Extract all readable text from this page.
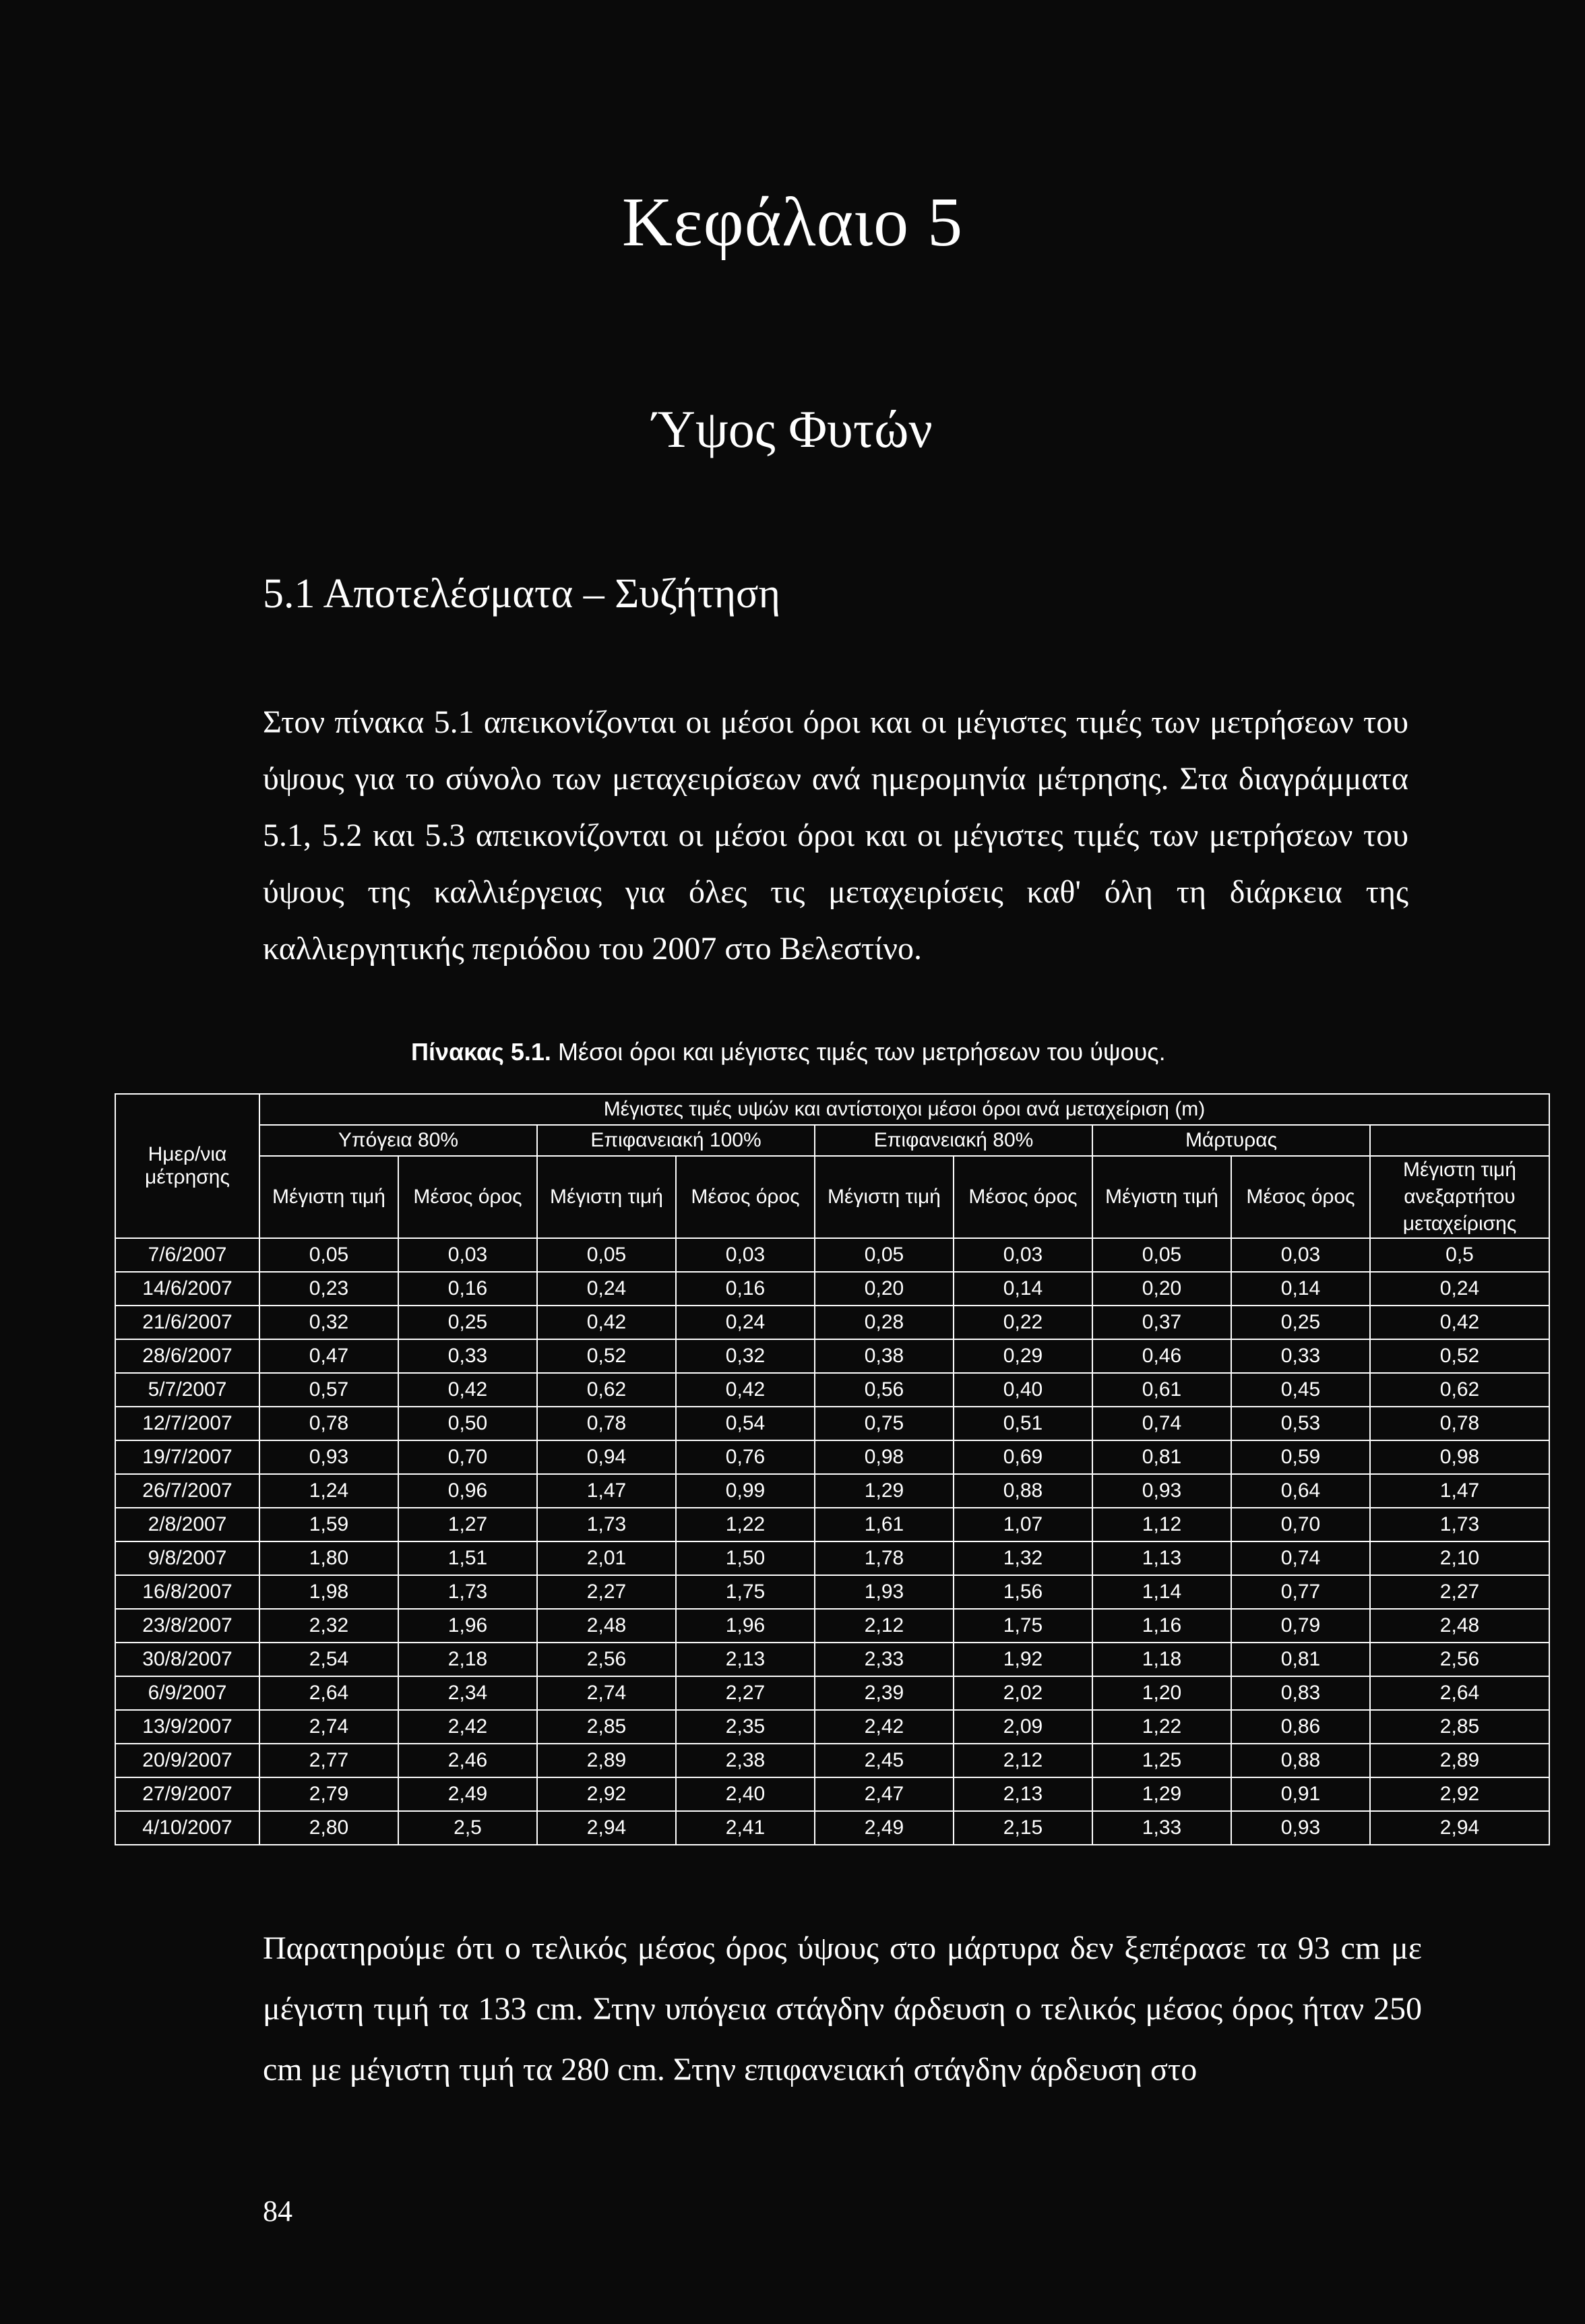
Κεφάλαιο 5
Ύψος Φυτών
5.1 Αποτελέσματα – Συζήτηση
Στον πίνακα 5.1 απεικονίζονται οι μέσοι όροι και οι μέγιστες τιμές των μετρήσεων του ύψους για το σύνολο των μεταχειρίσεων ανά ημερομηνία μέτρησης. Στα διαγράμματα 5.1, 5.2 και 5.3 απεικονίζονται οι μέσοι όροι και οι μέγιστες τιμές των μετρήσεων του ύψους της καλλιέργειας για όλες τις μεταχειρίσεις καθ' όλη τη διάρκεια της καλλιεργητικής περιόδου του 2007 στο Βελεστίνο.
Πίνακας 5.1. Μέσοι όροι και μέγιστες τιμές των μετρήσεων του ύψους.
Ημερ/νια μέτρησης	Μέγιστες τιμές υψών και αντίστοιχοι μέσοι όροι ανά μεταχείριση (m)								
	Υπόγεια 80%		Επιφανειακή 100%		Επιφανειακή 80%		Μάρτυρας		
	Μέγιστη τιμή	Μέσος όρος	Μέγιστη τιμή	Μέσος όρος	Μέγιστη τιμή	Μέσος όρος	Μέγιστη τιμή	Μέσος όρος	Μέγιστη τιμή ανεξαρτήτου μεταχείρισης
7/6/2007	0,05	0,03	0,05	0,03	0,05	0,03	0,05	0,03	0,5
14/6/2007	0,23	0,16	0,24	0,16	0,20	0,14	0,20	0,14	0,24
21/6/2007	0,32	0,25	0,42	0,24	0,28	0,22	0,37	0,25	0,42
28/6/2007	0,47	0,33	0,52	0,32	0,38	0,29	0,46	0,33	0,52
5/7/2007	0,57	0,42	0,62	0,42	0,56	0,40	0,61	0,45	0,62
12/7/2007	0,78	0,50	0,78	0,54	0,75	0,51	0,74	0,53	0,78
19/7/2007	0,93	0,70	0,94	0,76	0,98	0,69	0,81	0,59	0,98
26/7/2007	1,24	0,96	1,47	0,99	1,29	0,88	0,93	0,64	1,47
2/8/2007	1,59	1,27	1,73	1,22	1,61	1,07	1,12	0,70	1,73
9/8/2007	1,80	1,51	2,01	1,50	1,78	1,32	1,13	0,74	2,10
16/8/2007	1,98	1,73	2,27	1,75	1,93	1,56	1,14	0,77	2,27
23/8/2007	2,32	1,96	2,48	1,96	2,12	1,75	1,16	0,79	2,48
30/8/2007	2,54	2,18	2,56	2,13	2,33	1,92	1,18	0,81	2,56
6/9/2007	2,64	2,34	2,74	2,27	2,39	2,02	1,20	0,83	2,64
13/9/2007	2,74	2,42	2,85	2,35	2,42	2,09	1,22	0,86	2,85
20/9/2007	2,77	2,46	2,89	2,38	2,45	2,12	1,25	0,88	2,89
27/9/2007	2,79	2,49	2,92	2,40	2,47	2,13	1,29	0,91	2,92
4/10/2007	2,80	2,5	2,94	2,41	2,49	2,15	1,33	0,93	2,94
Παρατηρούμε ότι ο τελικός μέσος όρος ύψους στο μάρτυρα δεν ξεπέρασε τα 93 cm με μέγιστη τιμή τα 133 cm. Στην υπόγεια στάγδην άρδευση ο τελικός μέσος όρος ήταν 250 cm με μέγιστη τιμή τα 280 cm. Στην επιφανειακή στάγδην άρδευση στο
84
